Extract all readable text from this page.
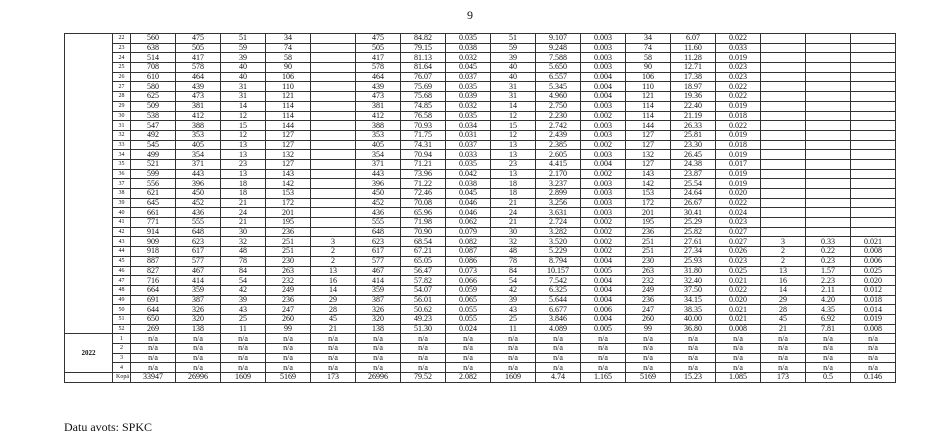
9
	22	560	475	51	34		475	84.82	0.035	51	9.107	0.003	34	6.07	0.022			
	23	638	505	59	74		505	79.15	0.038	59	9.248	0.003	74	11.60	0.033			
	24	514	417	39	58		417	81.13	0.032	39	7.588	0.003	58	11.28	0.019			
	25	708	578	40	90		578	81.64	0.045	40	5.650	0.003	90	12.71	0.023			
	26	610	464	40	106		464	76.07	0.037	40	6.557	0.004	106	17.38	0.023			
	27	580	439	31	110		439	75.69	0.035	31	5.345	0.004	110	18.97	0.022			
	28	625	473	31	121		473	75.68	0.039	31	4.960	0.004	121	19.36	0.022			
	29	509	381	14	114		381	74.85	0.032	14	2.750	0.003	114	22.40	0.019			
	30	538	412	12	114		412	76.58	0.035	12	2.230	0.002	114	21.19	0.018			
	31	547	388	15	144		388	70.93	0.034	15	2.742	0.003	144	26.33	0.022			
	32	492	353	12	127		353	71.75	0.031	12	2.439	0.003	127	25.81	0.019			
	33	545	405	13	127		405	74.31	0.037	13	2.385	0.002	127	23.30	0.018			
	34	499	354	13	132		354	70.94	0.033	13	2.605	0.003	132	26.45	0.019			
	35	521	371	23	127		371	71.21	0.035	23	4.415	0.004	127	24.38	0.017			
	36	599	443	13	143		443	73.96	0.042	13	2.170	0.002	143	23.87	0.019			
	37	556	396	18	142		396	71.22	0.038	18	3.237	0.003	142	25.54	0.019			
	38	621	450	18	153		450	72.46	0.045	18	2.899	0.003	153	24.64	0.020			
	39	645	452	21	172		452	70.08	0.046	21	3.256	0.003	172	26.67	0.022			
	40	661	436	24	201		436	65.96	0.046	24	3.631	0.003	201	30.41	0.024			
	41	771	555	21	195		555	71.98	0.062	21	2.724	0.002	195	25.29	0.023			
	42	914	648	30	236		648	70.90	0.079	30	3.282	0.002	236	25.82	0.027			
	43	909	623	32	251	3	623	68.54	0.082	32	3.520	0.002	251	27.61	0.027	3	0.33	0.021
	44	918	617	48	251	2	617	67.21	0.087	48	5.229	0.002	251	27.34	0.026	2	0.22	0.008
	45	887	577	78	230	2	577	65.05	0.086	78	8.794	0.004	230	25.93	0.023	2	0.23	0.006
	46	827	467	84	263	13	467	56.47	0.073	84	10.157	0.005	263	31.80	0.025	13	1.57	0.025
	47	716	414	54	232	16	414	57.82	0.066	54	7.542	0.004	232	32.40	0.021	16	2.23	0.020
	48	664	359	42	249	14	359	54.07	0.059	42	6.325	0.004	249	37.50	0.022	14	2.11	0.012
	49	691	387	39	236	29	387	56.01	0.065	39	5.644	0.004	236	34.15	0.020	29	4.20	0.018
	50	644	326	43	247	28	326	50.62	0.055	43	6.677	0.006	247	38.35	0.021	28	4.35	0.014
	51	650	320	25	260	45	320	49.23	0.055	25	3.846	0.004	260	40.00	0.021	45	6.92	0.019
	52	269	138	11	99	21	138	51.30	0.024	11	4.089	0.005	99	36.80	0.008	21	7.81	0.008
2022	1	n/a	n/a	n/a	n/a	n/a	n/a	n/a	n/a	n/a	n/a	n/a	n/a	n/a	n/a	n/a	n/a	n/a
	2	n/a	n/a	n/a	n/a	n/a	n/a	n/a	n/a	n/a	n/a	n/a	n/a	n/a	n/a	n/a	n/a	n/a
	3	n/a	n/a	n/a	n/a	n/a	n/a	n/a	n/a	n/a	n/a	n/a	n/a	n/a	n/a	n/a	n/a	n/a
	4	n/a	n/a	n/a	n/a	n/a	n/a	n/a	n/a	n/a	n/a	n/a	n/a	n/a	n/a	n/a	n/a	n/a
	Kopā	33947	26996	1609	5169	173	26996	79.52	2.082	1609	4.74	1.165	5169	15.23	1.085	173	0.5	0.146
Datu avots: SPKC
